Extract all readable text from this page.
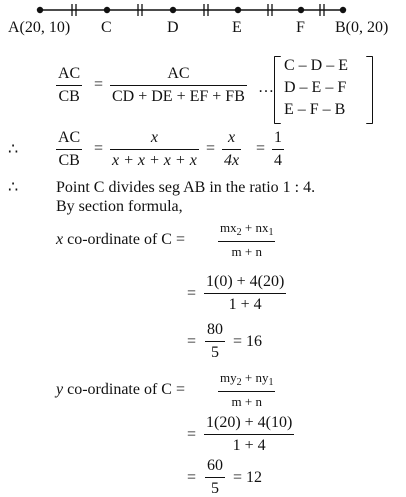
A(20, 10) C	D	E	F B(0, 20)
AC
CB
=
AC
CD + DE + EF + FB
…
C – D – E
D – E – F
E – F – B
∴
AC
CB
=
x
x + x + x + x
=
x
4x
=
1
4
∴ Point C divides seg AB in the ratio 1 : 4.
By section formula,
x co-ordinate of C =
$mx_2 + nx_1$
m + n
=
1(0) + 4(20)
1 + 4
=
80
5
= 16
y co-ordinate of C =
$my_2 + ny_1$
m + n
=
1(20) + 4(10)
1 + 4
=
60
5
= 12
